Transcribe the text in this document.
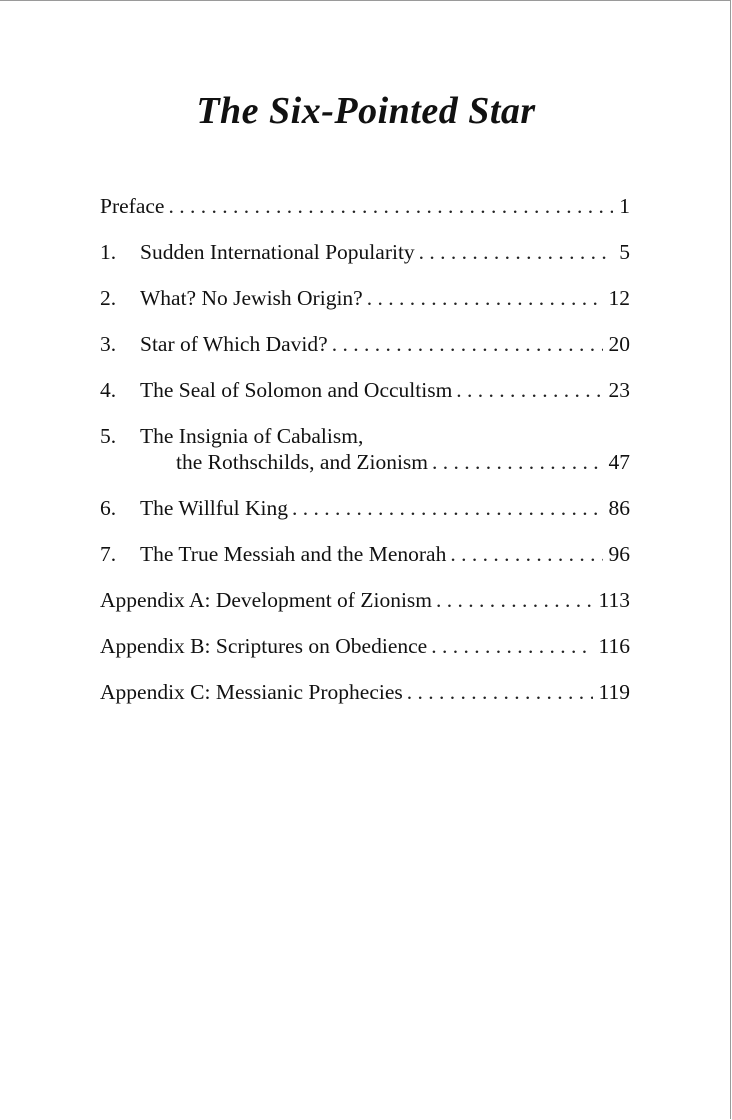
The Six-Pointed Star
Preface . . .	1
1.	Sudden International Popularity . . .	5
2.	What? No Jewish Origin? . . .	12
3.	Star of Which David? . . .	20
4.	The Seal of Solomon and Occultism . . .	23
5.	The Insignia of Cabalism,
the Rothschilds, and Zionism . . .	47
6.	The Willful King . . .	86
7.	The True Messiah and the Menorah . . .	96
Appendix A: Development of Zionism . . .	113
Appendix B: Scriptures on Obedience . . .	116
Appendix C: Messianic Prophecies . . .	119
